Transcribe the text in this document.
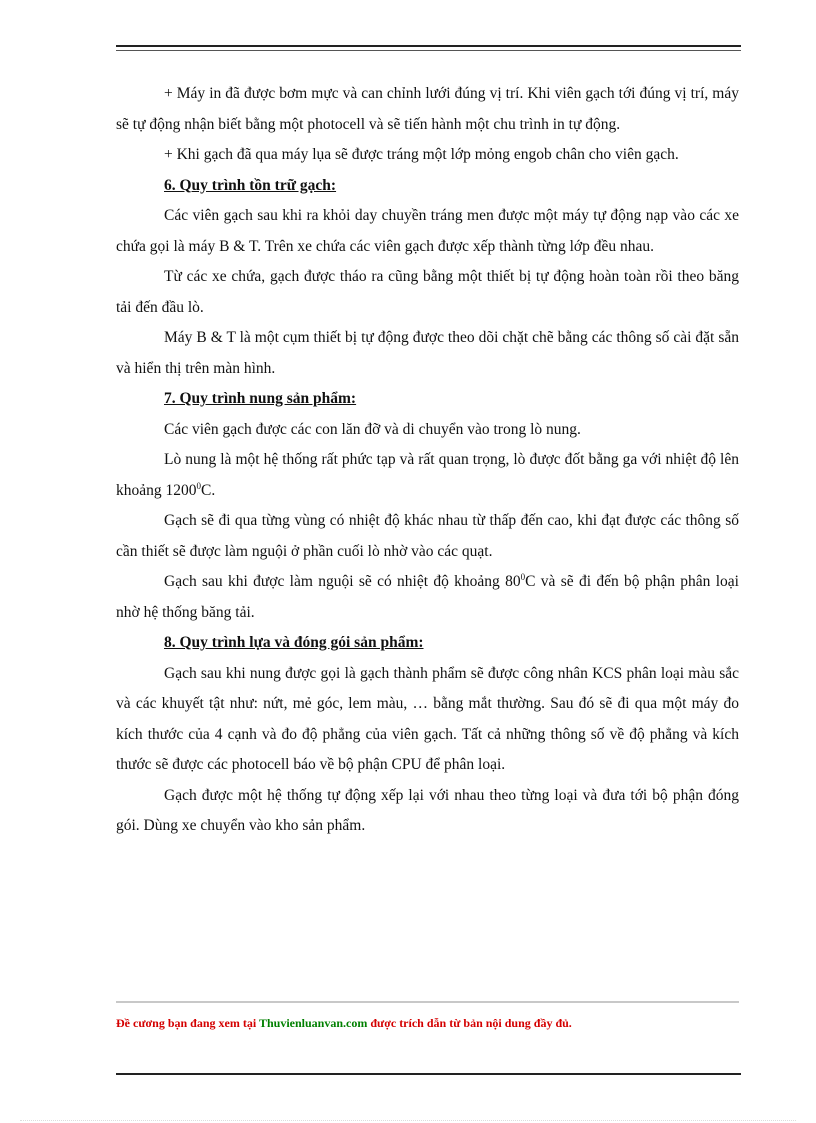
+ Máy in đã được bơm mực và can chỉnh lưới đúng vị trí. Khi viên gạch tới đúng vị trí, máy sẽ tự động nhận biết bằng một photocell và sẽ tiến hành một chu trình in tự động.

+ Khi gạch đã qua máy lụa sẽ được tráng một lớp mỏng engob chân cho viên gạch.

6. Quy trình tồn trữ gạch:

Các viên gạch sau khi ra khỏi day chuyền tráng men được một máy tự động nạp vào các xe chứa gọi là máy B & T. Trên xe chứa các viên gạch được xếp thành từng lớp đều nhau.

Từ các xe chứa, gạch được tháo ra cũng bằng một thiết bị tự động hoàn toàn rồi theo băng tải đến đầu lò.

Máy B & T là một cụm thiết bị tự động được theo dõi chặt chẽ bằng các thông số cài đặt sẵn và hiển thị trên màn hình.

7. Quy trình nung sản phẩm:

Các viên gạch được các con lăn đỡ và di chuyển vào trong lò nung.

Lò nung là một hệ thống rất phức tạp và rất quan trọng, lò được đốt bằng ga với nhiệt độ lên khoảng 1200$^0$C.

Gạch sẽ đi qua từng vùng có nhiệt độ khác nhau từ thấp đến cao, khi đạt được các thông số cần thiết sẽ được làm nguội ở phần cuối lò nhờ vào các quạt.

Gạch sau khi được làm nguội sẽ có nhiệt độ khoảng $80^0C$ và sẽ đi đến bộ phận phân loại nhờ hệ thống băng tải.

8. Quy trình lựa và đóng gói sản phẩm:

Gạch sau khi nung được gọi là gạch thành phẩm sẽ được công nhân KCS phân loại màu sắc và các khuyết tật như: nứt, mẻ góc, lem màu, … bằng mắt thường. Sau đó sẽ đi qua một máy đo kích thước của 4 cạnh và đo độ phẳng của viên gạch. Tất cả những thông số về độ phẳng và kích thước sẽ được các photocell báo về bộ phận CPU để phân loại.

Gạch được một hệ thống tự động xếp lại với nhau theo từng loại và đưa tới bộ phận đóng gói. Dùng xe chuyển vào kho sản phẩm.

Đề cương bạn đang xem tại Thuvienluanvan.com được trích dẫn từ bản nội dung đầy đủ.
